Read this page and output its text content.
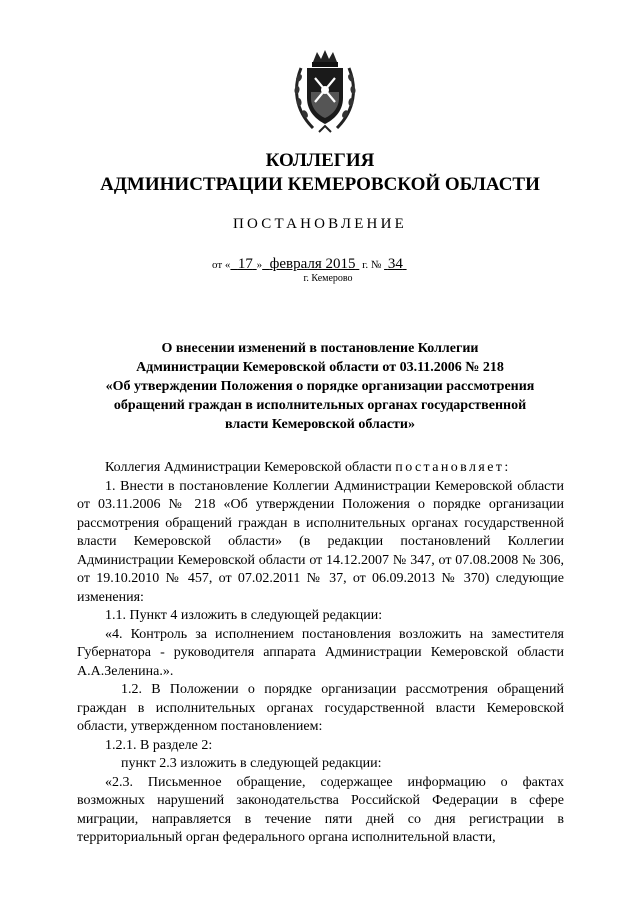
КОЛЛЕГИЯ
АДМИНИСТРАЦИИ КЕМЕРОВСКОЙ ОБЛАСТИ
ПОСТАНОВЛЕНИЕ
от « 17 » февраля 2015 г. № 34
г. Кемерово
О внесении изменений в постановление Коллегии
Администрации Кемеровской области от 03.11.2006 № 218
«Об утверждении Положения о порядке организации рассмотрения
обращений граждан в исполнительных органах государственной
власти Кемеровской области»

Коллегия Администрации Кемеровской области постановляет:

1. Внести в постановление Коллегии Администрации Кемеровской области от 03.11.2006 № 218 «Об утверждении Положения о порядке организации рассмотрения обращений граждан в исполнительных органах государственной власти Кемеровской области» (в редакции постановлений Коллегии Администрации Кемеровской области от 14.12.2007 № 347, от 07.08.2008 № 306, от 19.10.2010 № 457, от 07.02.2011 № 37, от 06.09.2013 № 370) следующие изменения:

1.1. Пункт 4 изложить в следующей редакции:

«4. Контроль за исполнением постановления возложить на заместителя Губернатора - руководителя аппарата Администрации Кемеровской области А.А.Зеленина.».

1.2. В Положении о порядке организации рассмотрения обращений граждан в исполнительных органах государственной власти Кемеровской области, утвержденном постановлением:

1.2.1. В разделе 2:

пункт 2.3 изложить в следующей редакции:

«2.3. Письменное обращение, содержащее информацию о фактах возможных нарушений законодательства Российской Федерации в сфере миграции, направляется в течение пяти дней со дня регистрации в территориальный орган федерального органа исполнительной власти,
